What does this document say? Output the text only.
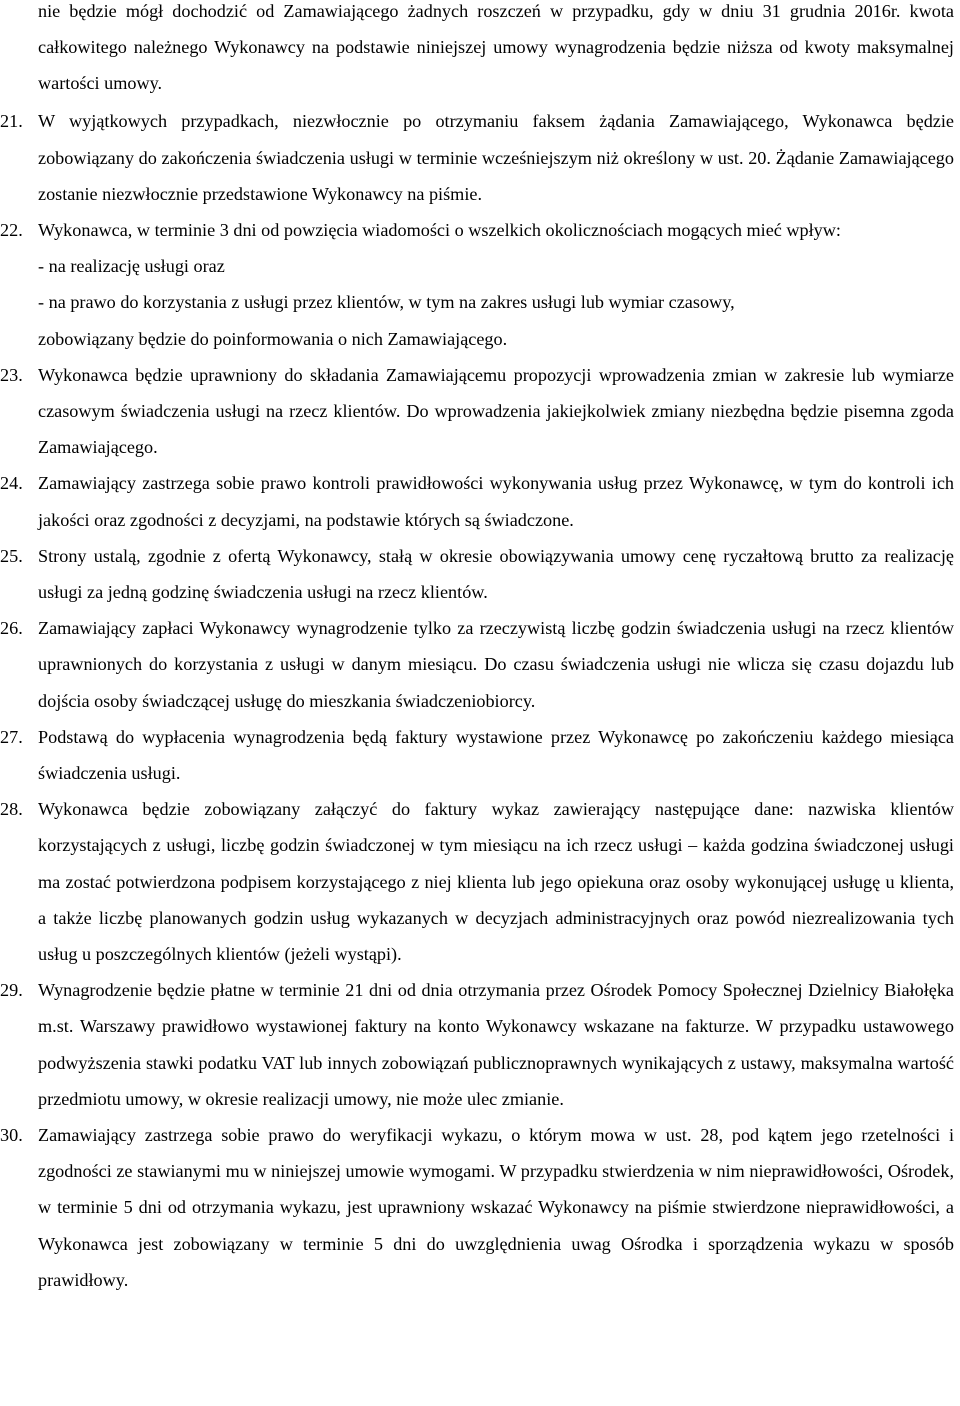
nie będzie mógł dochodzić od Zamawiającego żadnych roszczeń w przypadku, gdy w dniu 31 grudnia 2016r. kwota całkowitego należnego Wykonawcy na podstawie niniejszej umowy wynagrodzenia będzie niższa od kwoty maksymalnej wartości umowy.

21. W wyjątkowych przypadkach, niezwłocznie po otrzymaniu faksem żądania Zamawiającego, Wykonawca będzie zobowiązany do zakończenia świadczenia usługi w terminie wcześniejszym niż określony w ust. 20. Żądanie Zamawiającego zostanie niezwłocznie przedstawione Wykonawcy na piśmie.
22. Wykonawca, w terminie 3 dni od powzięcia wiadomości o wszelkich okolicznościach mogących mieć wpływ:
- na realizację usługi oraz
- na prawo do korzystania z usługi przez klientów, w tym na zakres usługi lub wymiar czasowy,
zobowiązany będzie do poinformowania o nich Zamawiającego.
23. Wykonawca będzie uprawniony do składania Zamawiającemu propozycji wprowadzenia zmian w zakresie lub wymiarze czasowym świadczenia usługi na rzecz klientów. Do wprowadzenia jakiejkolwiek zmiany niezbędna będzie pisemna zgoda Zamawiającego.
24. Zamawiający zastrzega sobie prawo kontroli prawidłowości wykonywania usług przez Wykonawcę, w tym do kontroli ich jakości oraz zgodności z decyzjami, na podstawie których są świadczone.
25. Strony ustalą, zgodnie z ofertą Wykonawcy, stałą w okresie obowiązywania umowy cenę ryczałtową brutto za realizację usługi za jedną godzinę świadczenia usługi na rzecz klientów.
26. Zamawiający zapłaci Wykonawcy wynagrodzenie tylko za rzeczywistą liczbę godzin świadczenia usługi na rzecz klientów uprawnionych do korzystania z usługi w danym miesiącu. Do czasu świadczenia usługi nie wlicza się czasu dojazdu lub dojścia osoby świadczącej usługę do mieszkania świadczeniobiorcy.
27. Podstawą do wypłacenia wynagrodzenia będą faktury wystawione przez Wykonawcę po zakończeniu każdego miesiąca świadczenia usługi.
28. Wykonawca będzie zobowiązany załączyć do faktury wykaz zawierający następujące dane: nazwiska klientów korzystających z usługi, liczbę godzin świadczonej w tym miesiącu na ich rzecz usługi – każda godzina świadczonej usługi ma zostać potwierdzona podpisem korzystającego z niej klienta lub jego opiekuna oraz osoby wykonującej usługę u klienta, a także liczbę planowanych godzin usług wykazanych w decyzjach administracyjnych oraz powód niezrealizowania tych usług u poszczególnych klientów (jeżeli wystąpi).
29. Wynagrodzenie będzie płatne w terminie 21 dni od dnia otrzymania przez Ośrodek Pomocy Społecznej Dzielnicy Białołęka m.st. Warszawy prawidłowo wystawionej faktury na konto Wykonawcy wskazane na fakturze. W przypadku ustawowego podwyższenia stawki podatku VAT lub innych zobowiązań publicznoprawnych wynikających z ustawy, maksymalna wartość przedmiotu umowy, w okresie realizacji umowy, nie może ulec zmianie.
30. Zamawiający zastrzega sobie prawo do weryfikacji wykazu, o którym mowa w ust. 28, pod kątem jego rzetelności i zgodności ze stawianymi mu w niniejszej umowie wymogami. W przypadku stwierdzenia w nim nieprawidłowości, Ośrodek, w terminie 5 dni od otrzymania wykazu, jest uprawniony wskazać Wykonawcy na piśmie stwierdzone nieprawidłowości, a Wykonawca jest zobowiązany w terminie 5 dni do uwzględnienia uwag Ośrodka i sporządzenia wykazu w sposób prawidłowy.
